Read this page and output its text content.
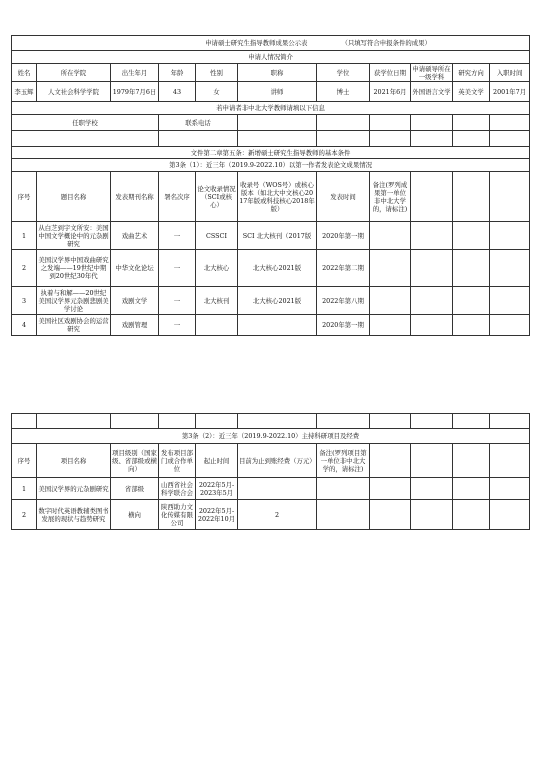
申请硕士研究生指导教师成果公示表 （只填写符合申报条件的成果）										
申请人情况简介										
姓名	所在学院	出生年月	年龄	性别	职称	学位	获学位日期	申请硕导所在一级学科	研究方向	入职时间
李玉辉	人文社会科学学院	1979年7月6日	43	女	讲师	博士	2021年6月	外国语言文学	英美文学	2001年7月
若申请者非中北大学教师请填以下信息										
任职学校			联系电话							

文件第二章第五条：新增硕士研究生指导教师的基本条件										
第3条（1）：近三年（2019.9-2022.10）以第一作者发表论文成果情况										
序号	题目名称	发表期刊名称	署名次序	论文收录情况（SCI或核心）	收录号（WOS号）或核心版本（如北大中文核心2017年版或科技核心2018年版）	发表时间	备注(罗列成果第一单位非中北大学的，请标注)			
1	从白芝到宇文所安：美国中国文学概论中的元杂剧研究	戏曲艺术	一	CSSCI	SCI 北大核刊（2017版	2020年第一期				
2	美国汉学界中国戏曲研究之发端——19世纪中期到20世纪30年代	中华文化论坛	一	北大核心	北大核心2021版	2022年第二期				
3	执着与和解——20世纪美国汉学界元杂剧悲剧美学讨论	戏剧文学	一	北大核刊	北大核心2021版	2022年第八期				
4	美国社区戏剧协会的运营研究	戏剧管理	一			2020年第一期				

第3条（2）：近三年（2019.9-2022.10）主持科研项目及经费										
序号	项目名称	项目级别（国家级、省部级或横向）	发布项目部门或合作单位	起止时间	目前为止到账经费（万元）	备注(罗列项目第一单位非中北大学的，请标注)				
1	美国汉学界的元杂剧研究	省部级	山西省社会科学联合会	2022年5月-2023年5月						
2	数字时代英语教辅类图书发展的现状与趋势研究	横向	陕西助力文化传媒有限公司	2022年5月-2022年10月	2					
